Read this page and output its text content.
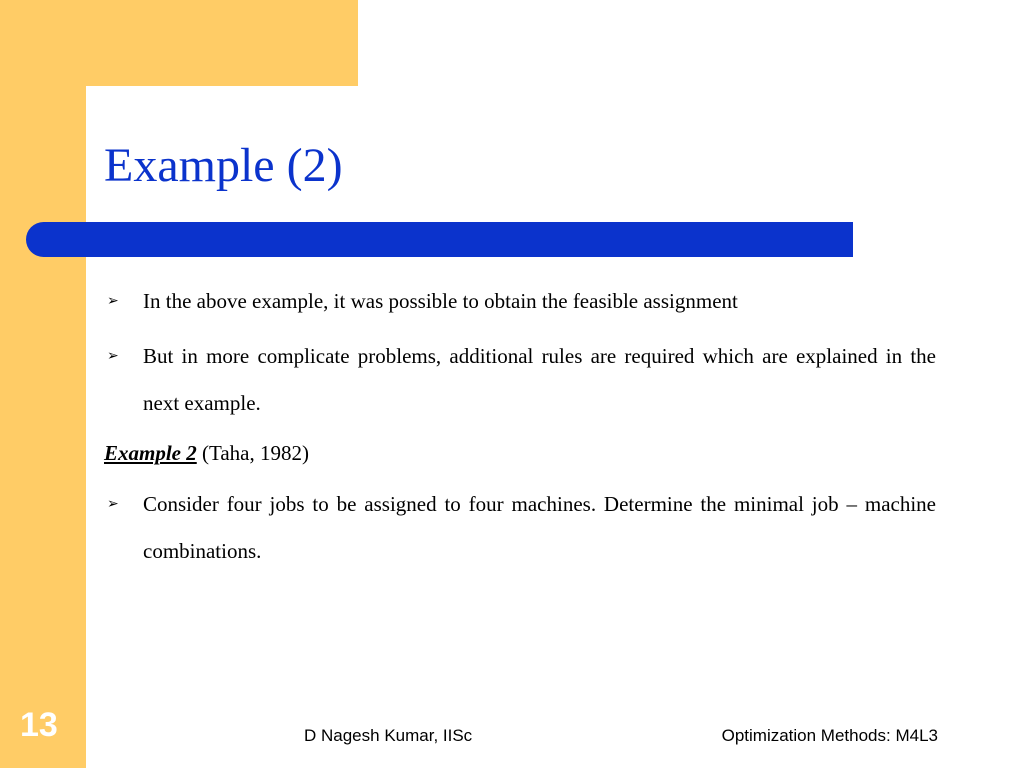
Example (2)
➢ In the above example, it was possible to obtain the feasible assignment
➢ But in more complicate problems, additional rules are required which are explained in the next example.
Example 2 (Taha, 1982)
➢ Consider four jobs to be assigned to four machines. Determine the minimal job – machine combinations.
13	D Nagesh Kumar, IISc	Optimization Methods: M4L3
